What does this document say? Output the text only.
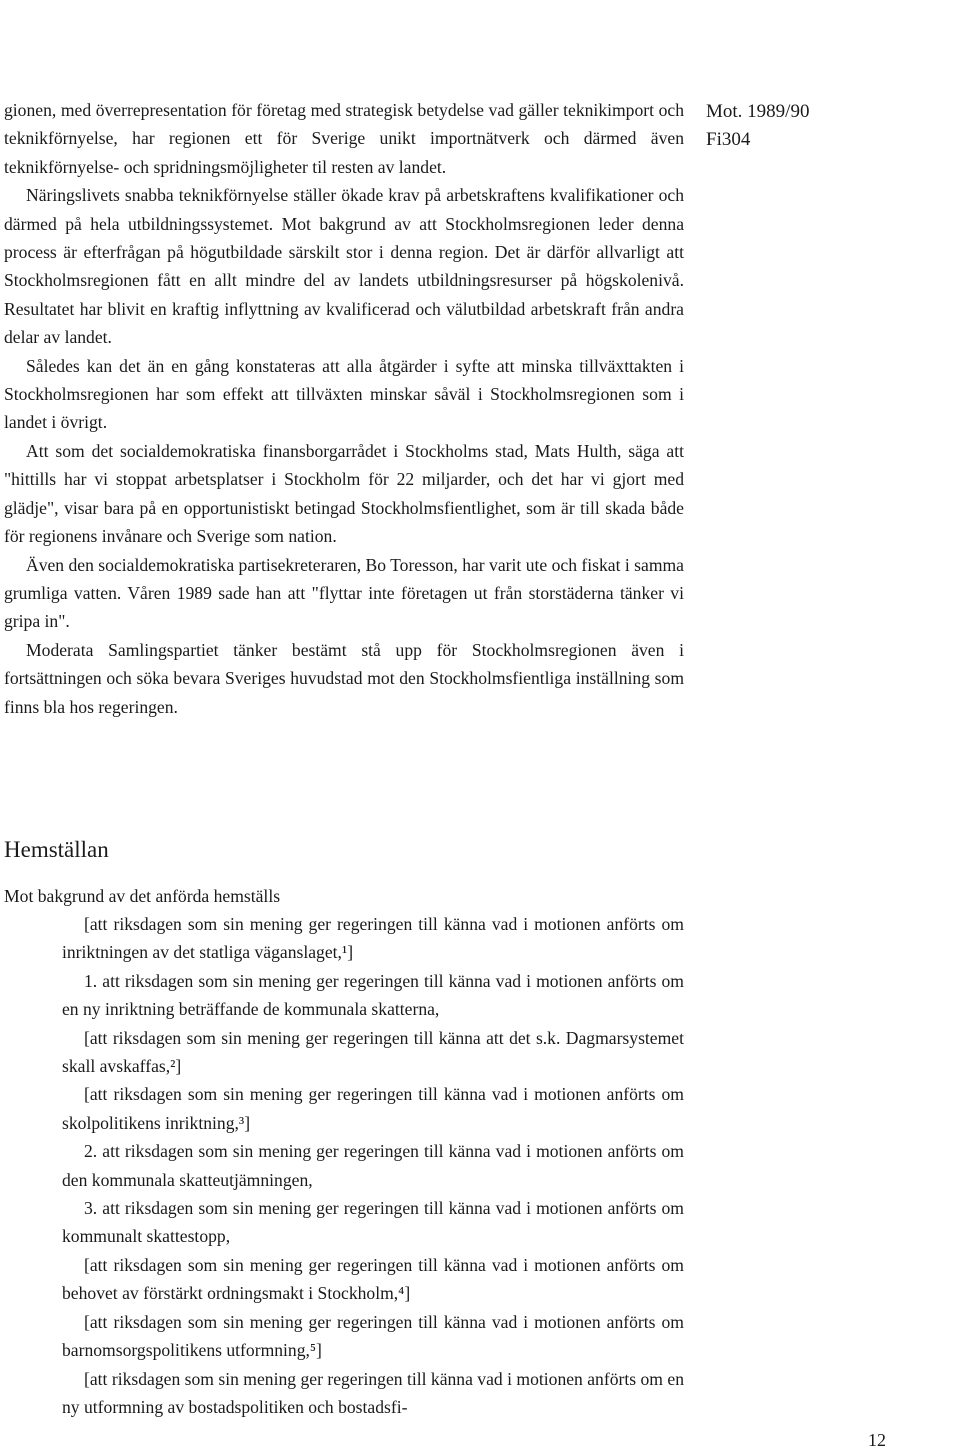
Mot. 1989/90
Fi304

gionen, med överrepresentation för företag med strategisk betydelse vad gäller teknikimport och teknikförnyelse, har regionen ett för Sverige unikt importnätverk och därmed även teknikförnyelse- och spridningsmöjligheter til resten av landet.

Näringslivets snabba teknikförnyelse ställer ökade krav på arbetskraftens kvalifikationer och därmed på hela utbildningssystemet. Mot bakgrund av att Stockholmsregionen leder denna process är efterfrågan på högutbildade särskilt stor i denna region. Det är därför allvarligt att Stockholmsregionen fått en allt mindre del av landets utbildningsresurser på högskolenivå. Resultatet har blivit en kraftig inflyttning av kvalificerad och välutbildad arbetskraft från andra delar av landet.

Således kan det än en gång konstateras att alla åtgärder i syfte att minska tillväxttakten i Stockholmsregionen har som effekt att tillväxten minskar såväl i Stockholmsregionen som i landet i övrigt.

Att som det socialdemokratiska finansborgarrådet i Stockholms stad, Mats Hulth, säga att "hittills har vi stoppat arbetsplatser i Stockholm för 22 miljarder, och det har vi gjort med glädje", visar bara på en opportunistiskt betingad Stockholmsfientlighet, som är till skada både för regionens invånare och Sverige som nation.

Även den socialdemokratiska partisekreteraren, Bo Toresson, har varit ute och fiskat i samma grumliga vatten. Våren 1989 sade han att "flyttar inte företagen ut från storstäderna tänker vi gripa in".

Moderata Samlingspartiet tänker bestämt stå upp för Stockholmsregionen även i fortsättningen och söka bevara Sveriges huvudstad mot den Stockholmsfientliga inställning som finns bla hos regeringen.

Hemställan
Mot bakgrund av det anförda hemställs

[att riksdagen som sin mening ger regeringen till känna vad i motionen anförts om inriktningen av det statliga väganslaget,¹]

1. att riksdagen som sin mening ger regeringen till känna vad i motionen anförts om en ny inriktning beträffande de kommunala skatterna,

[att riksdagen som sin mening ger regeringen till känna att det s.k. Dagmarsystemet skall avskaffas,²]

[att riksdagen som sin mening ger regeringen till känna vad i motionen anförts om skolpolitikens inriktning,³]

2. att riksdagen som sin mening ger regeringen till känna vad i motionen anförts om den kommunala skatteutjämningen,

3. att riksdagen som sin mening ger regeringen till känna vad i motionen anförts om kommunalt skattestopp,

[att riksdagen som sin mening ger regeringen till känna vad i motionen anförts om behovet av förstärkt ordningsmakt i Stockholm,⁴]

[att riksdagen som sin mening ger regeringen till känna vad i motionen anförts om barnomsorgspolitikens utformning,⁵]

[att riksdagen som sin mening ger regeringen till känna vad i motionen anförts om en ny utformning av bostadspolitiken och bostadsfi-

12
